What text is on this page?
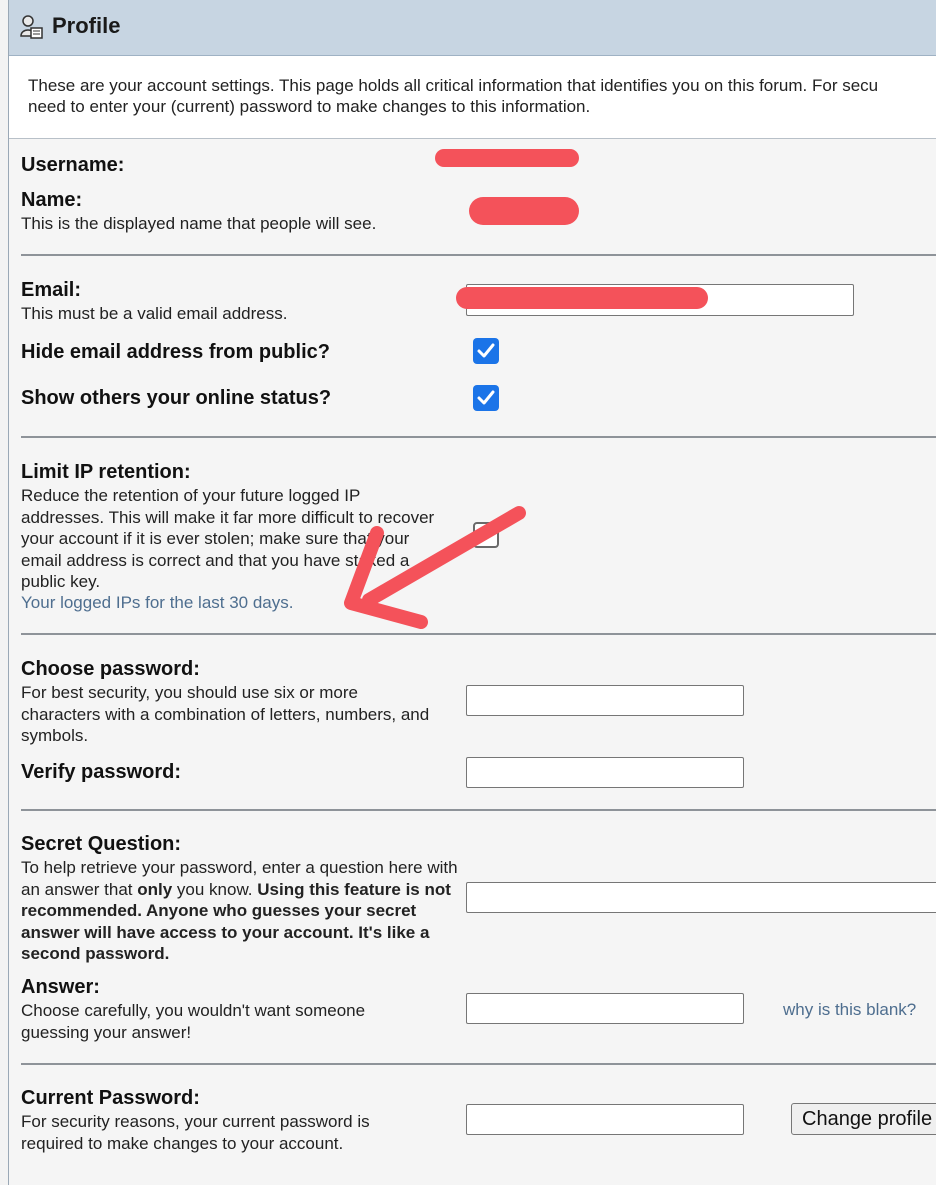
Profile

These are your account settings. This page holds all critical information that identifies you on this forum. For secu
need to enter your (current) password to make changes to this information.

Username:
Name:
This is the displayed name that people will see.
Email:
This must be a valid email address.
Hide email address from public?
Show others your online status?
Limit IP retention:
Reduce the retention of your future logged IP addresses. This will make it far more difficult to recover your account if it is ever stolen; make sure that your email address is correct and that you have staked a public key.
Your logged IPs for the last 30 days.
Choose password:
For best security, you should use six or more characters with a combination of letters, numbers, and symbols.
Verify password:
Secret Question:
To help retrieve your password, enter a question here with an answer that only you know. Using this feature is not recommended. Anyone who guesses your secret answer will have access to your account. It's like a second password.
Answer:
Choose carefully, you wouldn't want someone guessing your answer!
why is this blank?
Current Password:
For security reasons, your current password is required to make changes to your account.
Change profile
